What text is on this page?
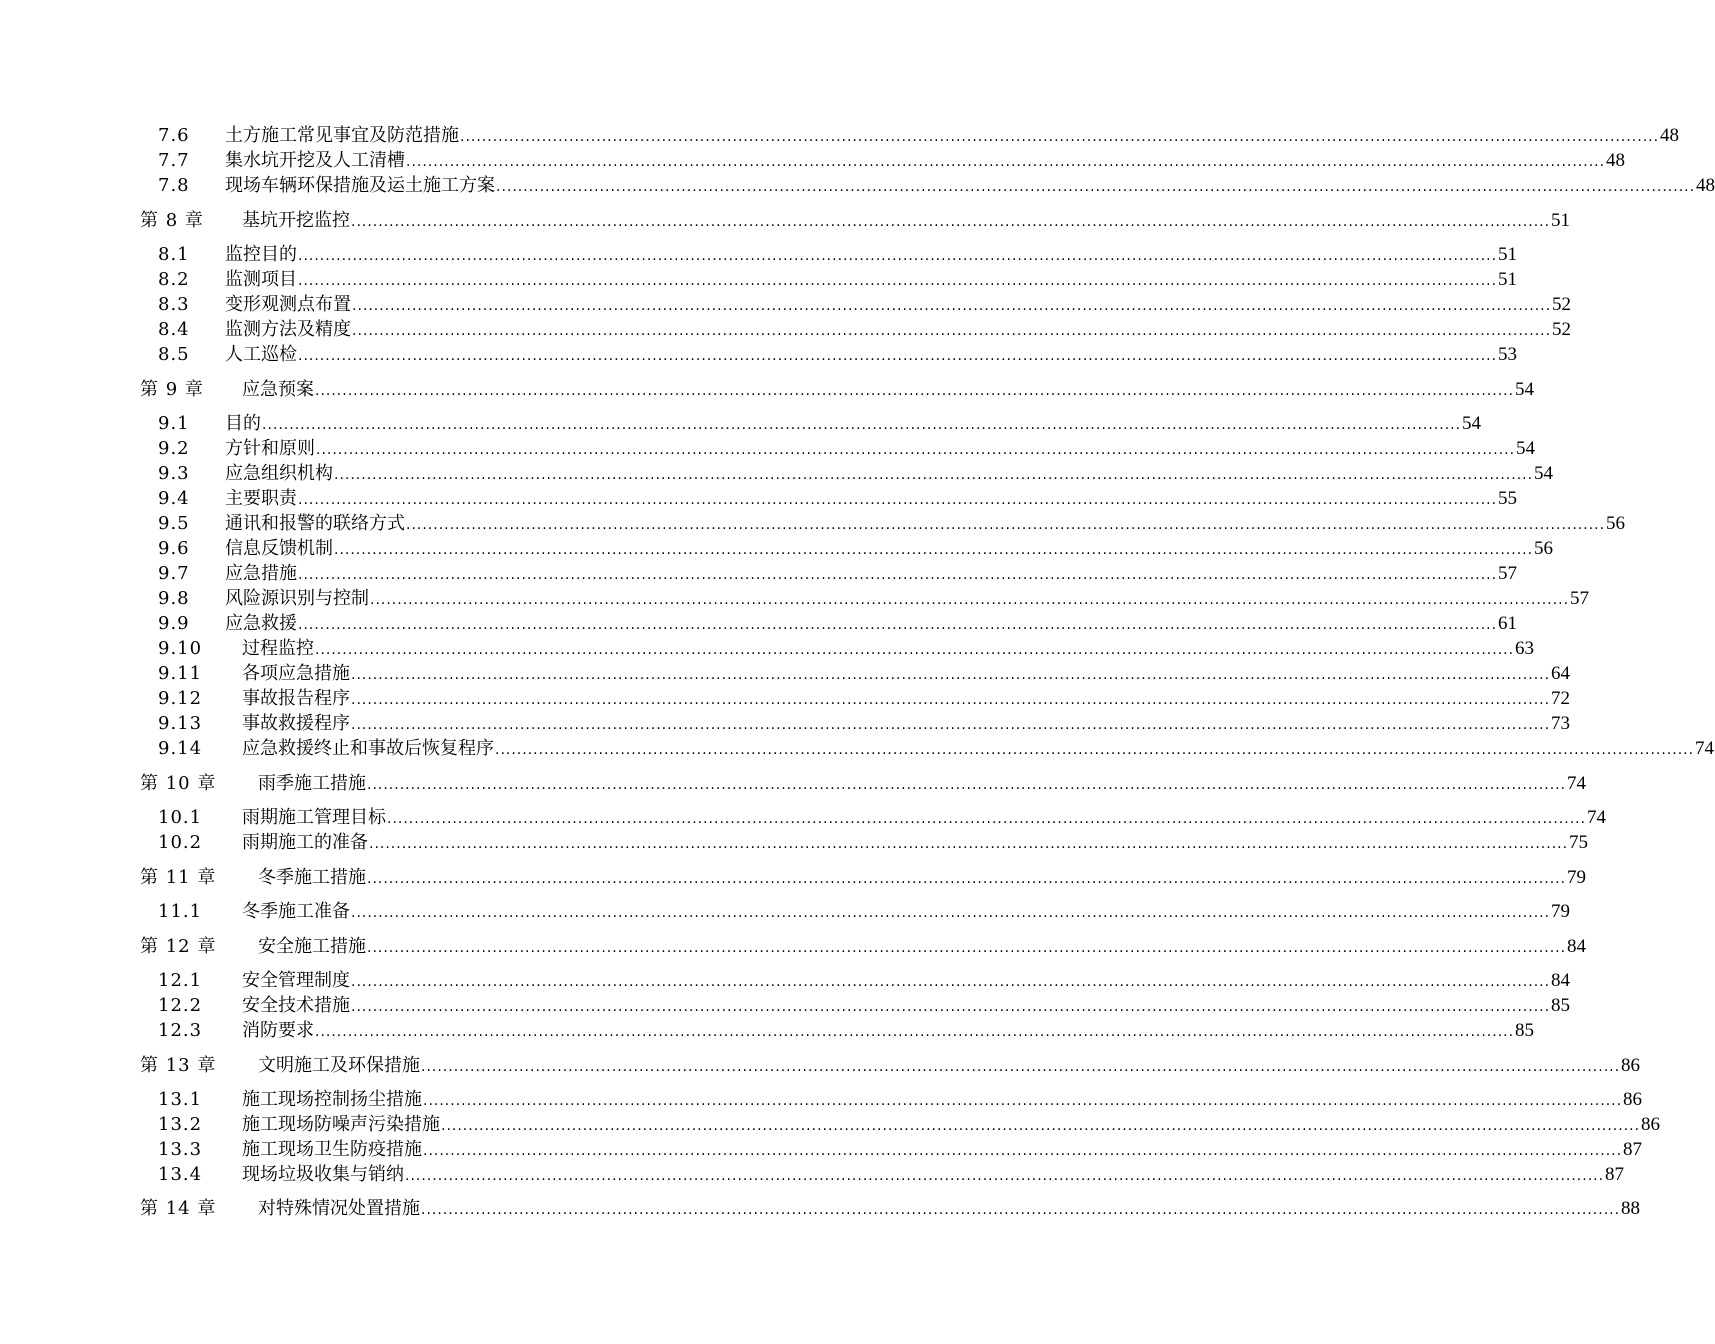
7.6 土方施工常见事宜及防范措施 ............................................................................................................................................................................................................................ 48
7.7 集水坑开挖及人工清槽 ............................................................................................................................................................................................................................ 48
7.8 现场车辆环保措施及运土施工方案 ............................................................................................................................................................................................................................ 48
第 8 章 基坑开挖监控 ............................................................................................................................................................................................................................ 51
8.1 监控目的 ............................................................................................................................................................................................................................ 51
8.2 监测项目 ............................................................................................................................................................................................................................ 51
8.3 变形观测点布置 ............................................................................................................................................................................................................................ 52
8.4 监测方法及精度 ............................................................................................................................................................................................................................ 52
8.5 人工巡检 ............................................................................................................................................................................................................................ 53
第 9 章 应急预案 ............................................................................................................................................................................................................................ 54
9.1 目的 ............................................................................................................................................................................................................................ 54
9.2 方针和原则 ............................................................................................................................................................................................................................ 54
9.3 应急组织机构 ............................................................................................................................................................................................................................ 54
9.4 主要职责 ............................................................................................................................................................................................................................ 55
9.5 通讯和报警的联络方式 ............................................................................................................................................................................................................................ 56
9.6 信息反馈机制 ............................................................................................................................................................................................................................ 56
9.7 应急措施 ............................................................................................................................................................................................................................ 57
9.8 风险源识别与控制 ............................................................................................................................................................................................................................ 57
9.9 应急救援 ............................................................................................................................................................................................................................ 61
9.10 过程监控 ............................................................................................................................................................................................................................ 63
9.11 各项应急措施 ............................................................................................................................................................................................................................ 64
9.12 事故报告程序 ............................................................................................................................................................................................................................ 72
9.13 事故救援程序 ............................................................................................................................................................................................................................ 73
9.14 应急救援终止和事故后恢复程序 ............................................................................................................................................................................................................................ 74
第 10 章 雨季施工措施 ............................................................................................................................................................................................................................ 74
10.1 雨期施工管理目标 ............................................................................................................................................................................................................................ 74
10.2 雨期施工的准备 ............................................................................................................................................................................................................................ 75
第 11 章 冬季施工措施 ............................................................................................................................................................................................................................ 79
11.1 冬季施工准备 ............................................................................................................................................................................................................................ 79
第 12 章 安全施工措施 ............................................................................................................................................................................................................................ 84
12.1 安全管理制度 ............................................................................................................................................................................................................................ 84
12.2 安全技术措施 ............................................................................................................................................................................................................................ 85
12.3 消防要求 ............................................................................................................................................................................................................................ 85
第 13 章 文明施工及环保措施 ............................................................................................................................................................................................................................ 86
13.1 施工现场控制扬尘措施 ............................................................................................................................................................................................................................ 86
13.2 施工现场防噪声污染措施 ............................................................................................................................................................................................................................ 86
13.3 施工现场卫生防疫措施 ............................................................................................................................................................................................................................ 87
13.4 现场垃圾收集与销纳 ............................................................................................................................................................................................................................ 87
第 14 章 对特殊情况处置措施 ............................................................................................................................................................................................................................ 88
